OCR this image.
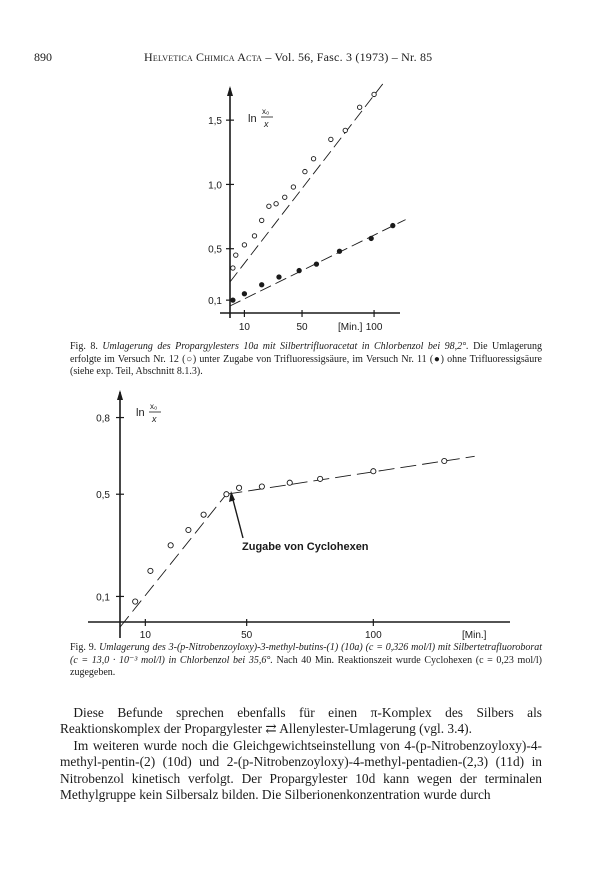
890	Helvetica Chimica Acta – Vol. 56, Fasc. 3 (1973) – Nr. 85
0,1
0,5
1,0
1,5
10	50	100
ln
x₀
x
[Min.]
Fig. 8. Umlagerung des Propargylesters 10a mit Silbertrifluoracetat in Chlorbenzol bei 98,2°. Die Umlagerung erfolgte im Versuch Nr. 12 (○) unter Zugabe von Trifluoressigsäure, im Versuch Nr. 11 (●) ohne Trifluoressigsäure (siehe exp. Teil, Abschnitt 8.1.3).
0,1
0,5
0,8
10	50	100
ln
x₀
x
Zugabe von Cyclohexen
[Min.]
Fig. 9. Umlagerung des 3-(p-Nitrobenzoyloxy)-3-methyl-butins-(1) (10a) (c = 0,326 mol/l) mit Silbertetrafluoroborat (c = 13,0 · 10⁻³ mol/l) in Chlorbenzol bei 35,6°. Nach 40 Min. Reaktionszeit wurde Cyclohexen (c = 0,23 mol/l) zugegeben.

 Diese Befunde sprechen ebenfalls für einen π-Komplex des Silbers als Reaktionskomplex der Propargylester ⇄ Allenylester-Umlagerung (vgl. 3.4).

 Im weiteren wurde noch die Gleichgewichtseinstellung von 4-(p-Nitrobenzoyloxy)-4-methyl-pentin-(2) (10d) und 2-(p-Nitrobenzoyloxy)-4-methyl-pentadien-(2,3) (11d) in Nitrobenzol kinetisch verfolgt. Der Propargylester 10d kann wegen der terminalen Methylgruppe kein Silbersalz bilden. Die Silberionenkonzentration wurde durch
